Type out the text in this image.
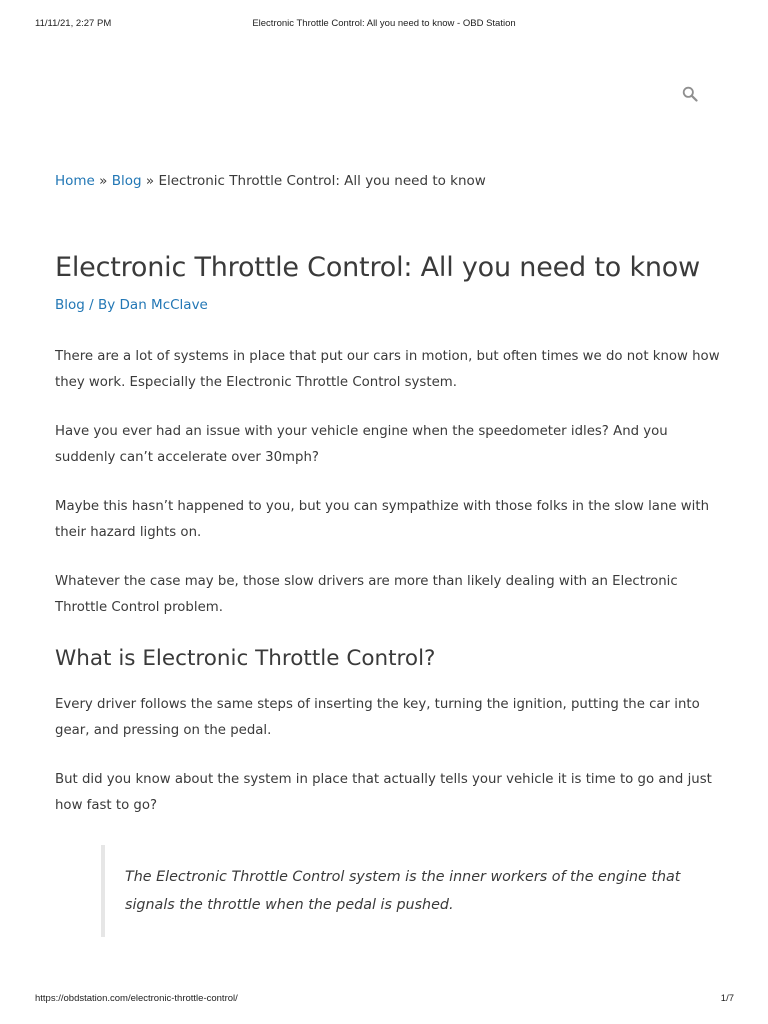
11/11/21, 2:27 PM	Electronic Throttle Control: All you need to know - OBD Station
Home » Blog » Electronic Throttle Control: All you need to know
Electronic Throttle Control: All you need to know
Blog / By Dan McClave

There are a lot of systems in place that put our cars in motion, but often times we do not know how they work. Especially the Electronic Throttle Control system.

Have you ever had an issue with your vehicle engine when the speedometer idles? And you suddenly can’t accelerate over 30mph?

Maybe this hasn’t happened to you, but you can sympathize with those folks in the slow lane with their hazard lights on.

Whatever the case may be, those slow drivers are more than likely dealing with an Electronic Throttle Control problem.

What is Electronic Throttle Control?

Every driver follows the same steps of inserting the key, turning the ignition, putting the car into gear, and pressing on the pedal.

But did you know about the system in place that actually tells your vehicle it is time to go and just how fast to go?

The Electronic Throttle Control system is the inner workers of the engine that signals the throttle when the pedal is pushed.
https://obdstation.com/electronic-throttle-control/	1/7
